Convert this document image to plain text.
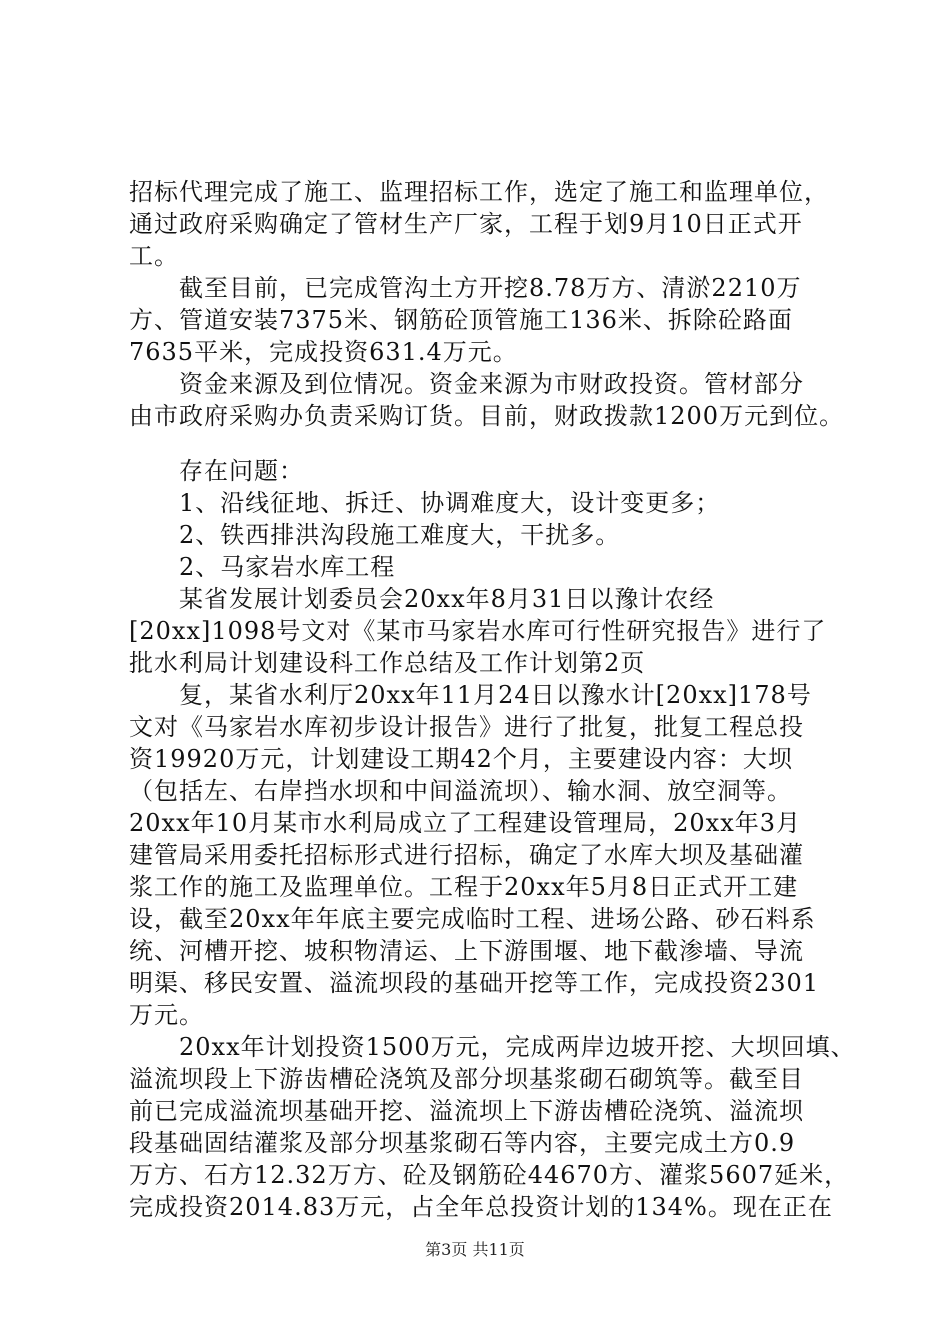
招标代理完成了施工、监理招标工作，选定了施工和监理单位，
通过政府采购确定了管材生产厂家，工程于划9月10日正式开
工。
　　截至目前，已完成管沟土方开挖8.78万方、清淤2210万
方、管道安装7375米、钢筋砼顶管施工136米、拆除砼路面
7635平米，完成投资631.4万元。
　　资金来源及到位情况。资金来源为市财政投资。管材部分
由市政府采购办负责采购订货。目前，财政拨款1200万元到位。
　　存在问题：
　　1、沿线征地、拆迁、协调难度大，设计变更多；
　　2、铁西排洪沟段施工难度大，干扰多。
　　2、马家岩水库工程
　　某省发展计划委员会20xx年8月31日以豫计农经
[20xx]1098号文对《某市马家岩水库可行性研究报告》进行了
批水利局计划建设科工作总结及工作计划第2页
　　复，某省水利厅20xx年11月24日以豫水计[20xx]178号
文对《马家岩水库初步设计报告》进行了批复，批复工程总投
资19920万元，计划建设工期42个月，主要建设内容：大坝
（包括左、右岸挡水坝和中间溢流坝）、输水洞、放空洞等。
20xx年10月某市水利局成立了工程建设管理局，20xx年3月
建管局采用委托招标形式进行招标，确定了水库大坝及基础灌
浆工作的施工及监理单位。工程于20xx年5月8日正式开工建
设，截至20xx年年底主要完成临时工程、进场公路、砂石料系
统、河槽开挖、坡积物清运、上下游围堰、地下截渗墙、导流
明渠、移民安置、溢流坝段的基础开挖等工作，完成投资2301
万元。
　　20xx年计划投资1500万元，完成两岸边坡开挖、大坝回填、
溢流坝段上下游齿槽砼浇筑及部分坝基浆砌石砌筑等。截至目
前已完成溢流坝基础开挖、溢流坝上下游齿槽砼浇筑、溢流坝
段基础固结灌浆及部分坝基浆砌石等内容，主要完成土方0.9
万方、石方12.32万方、砼及钢筋砼44670方、灌浆5607延米，
完成投资2014.83万元，占全年总投资计划的134%。现在正在
第3页 共11页
